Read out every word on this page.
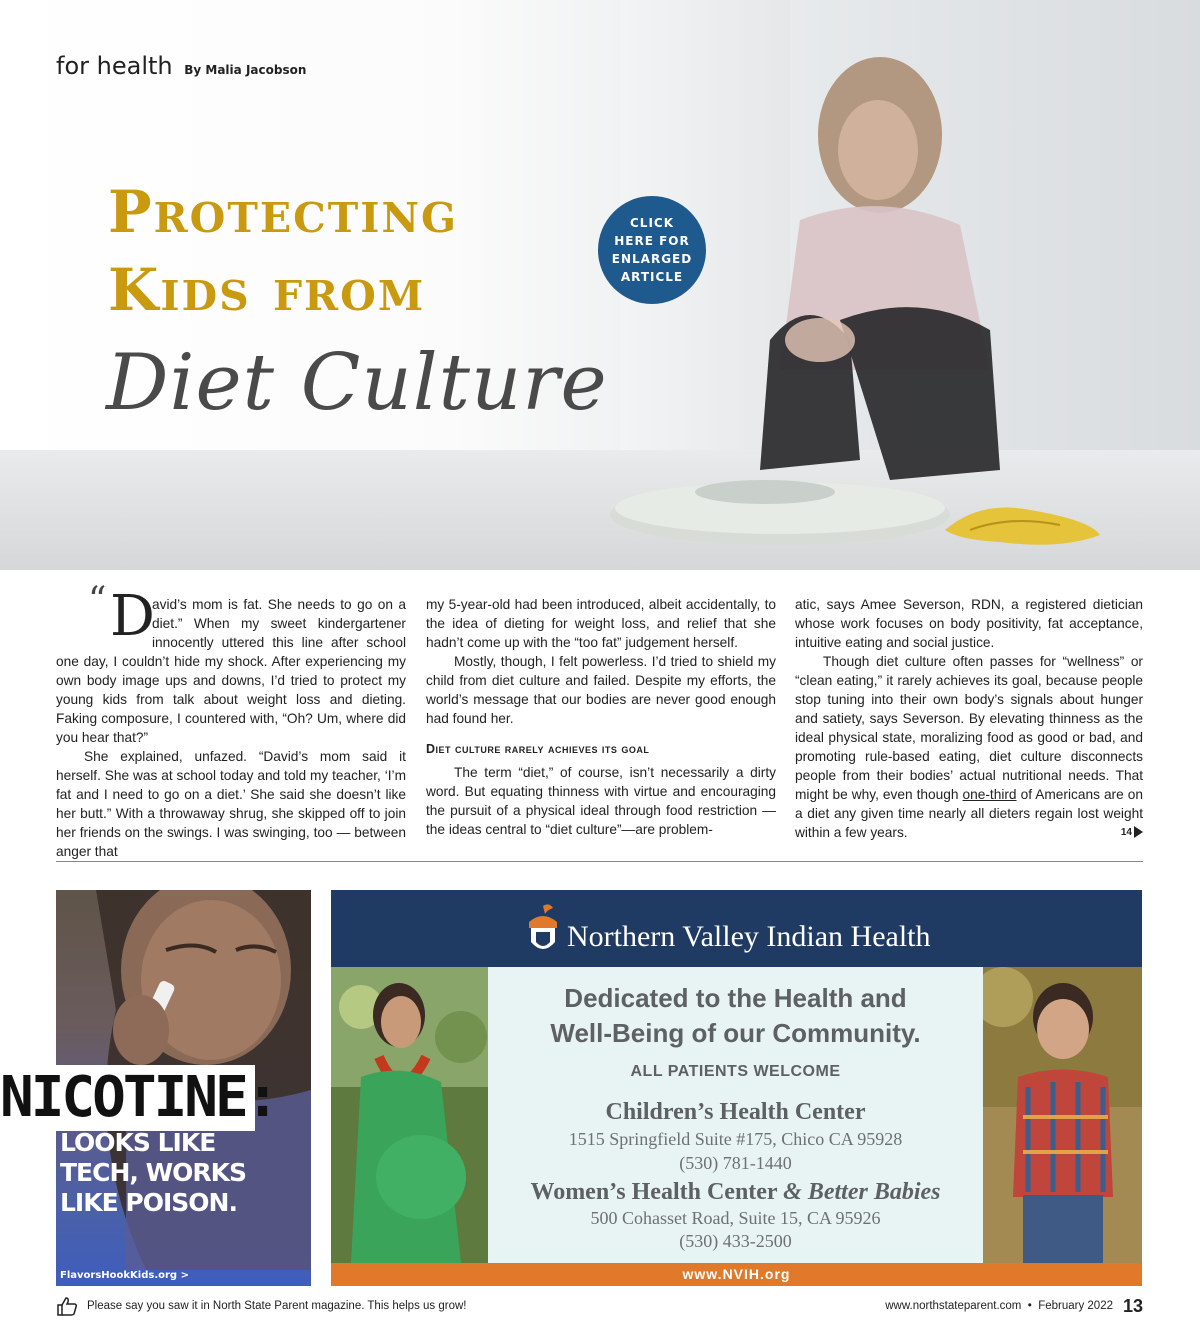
for health By Malia Jacobson
Protecting
Kids from
Diet Culture
CLICK
HERE FOR
ENLARGED
ARTICLE
“ D

avid’s mom is fat. She needs to go on a diet.” When my sweet kindergartener innocently uttered this line after school one day, I couldn’t hide my shock. After experiencing my own body image ups and downs, I’d tried to protect my young kids from talk about weight loss and dieting. Faking composure, I countered with, “Oh? Um, where did you hear that?”

She explained, unfazed. “David’s mom said it herself. She was at school today and told my teacher, ‘I’m fat and I need to go on a diet.’ She said she doesn’t like her butt.” With a throwaway shrug, she skipped off to join her friends on the swings. I was swinging, too — between anger that

my 5-year-old had been introduced, albeit accidentally, to the idea of dieting for weight loss, and relief that she hadn’t come up with the “too fat” judgement herself.

Mostly, though, I felt powerless. I’d tried to shield my child from diet culture and failed. Despite my efforts, the world’s message that our bodies are never good enough had found her.

Diet culture rarely achieves its goal

The term “diet,” of course, isn’t necessarily a dirty word. But equating thinness with virtue and encouraging the pursuit of a physical ideal through food restriction — the ideas central to “diet culture”—are problem-

atic, says Amee Severson, RDN, a registered dietician whose work focuses on body positivity, fat acceptance, intuitive eating and social justice.

Though diet culture often passes for “wellness” or “clean eating,” it rarely achieves its goal, because people stop tuning into their own body’s signals about hunger and satiety, says Severson. By elevating thinness as the ideal physical state, moralizing food as good or bad, and promoting rule-based eating, diet culture disconnects people from their bodies’ actual nutritional needs. That might be why, even though one-third of Americans are on a diet any given time nearly all dieters regain lost weight within a few years.	14

NICOTINE:
LOOKS LIKE
TECH, WORKS
LIKE POISON.
FlavorsHookKids.org >
Northern Valley Indian Health
Dedicated to the Health and
Well-Being of our Community.
ALL PATIENTS WELCOME
Children’s Health Center
1515 Springfield Suite #175, Chico CA 95928
(530) 781-1440
Women’s Health Center & Better Babies
500 Cohasset Road, Suite 15, CA 95926
(530) 433-2500
www.NVIH.org
Please say you saw it in North State Parent magazine. This helps us grow!	www.northstateparent.com • February 2022 13
